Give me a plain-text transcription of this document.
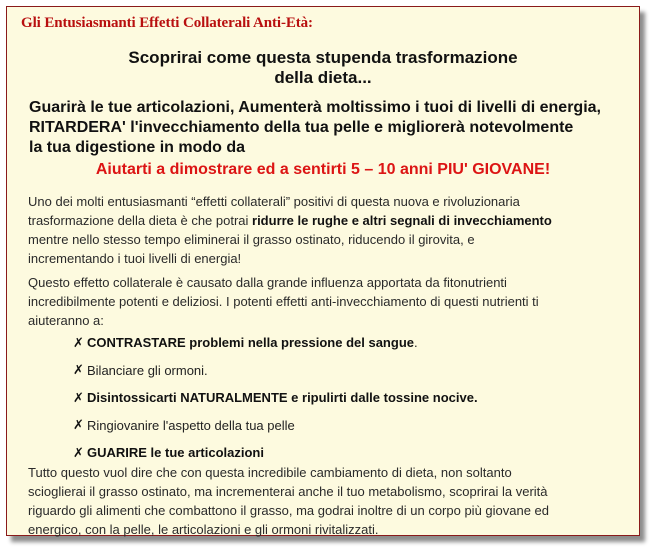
Gli Entusiasmanti Effetti Collaterali Anti-Età:
Scoprirai come questa stupenda trasformazione
della dieta...
Guarirà le tue articolazioni, Aumenterà moltissimo i tuoi di livelli di energia,
RITARDERA' l'invecchiamento della tua pelle e migliorerà notevolmente
la tua digestione in modo da
Aiutarti a dimostrare ed a sentirti 5 – 10 anni PIU' GIOVANE!
Uno dei molti entusiasmanti “effetti collaterali” positivi di questa nuova e rivoluzionaria
trasformazione della dieta è che potrai ridurre le rughe e altri segnali di invecchiamento
mentre nello stesso tempo eliminerai il grasso ostinato, riducendo il girovita, e
incrementando i tuoi livelli di energia!
Questo effetto collaterale è causato dalla grande influenza apportata da fitonutrienti
incredibilmente potenti e deliziosi. I potenti effetti anti-invecchiamento di questi nutrienti ti
aiuteranno a:
✗ CONTRASTARE problemi nella pressione del sangue .
✗ Bilanciare gli ormoni.
✗ Disintossicarti NATURALMENTE e ripulirti dalle tossine nocive.
✗ Ringiovanire l'aspetto della tua pelle
✗ GUARIRE le tue articolazioni
Tutto questo vuol dire che con questa incredibile cambiamento di dieta, non soltanto
scioglierai il grasso ostinato, ma incrementerai anche il tuo metabolismo, scoprirai la verità
riguardo gli alimenti che combattono il grasso, ma godrai inoltre di un corpo più giovane ed
energico, con la pelle, le articolazioni e gli ormoni rivitalizzati.
